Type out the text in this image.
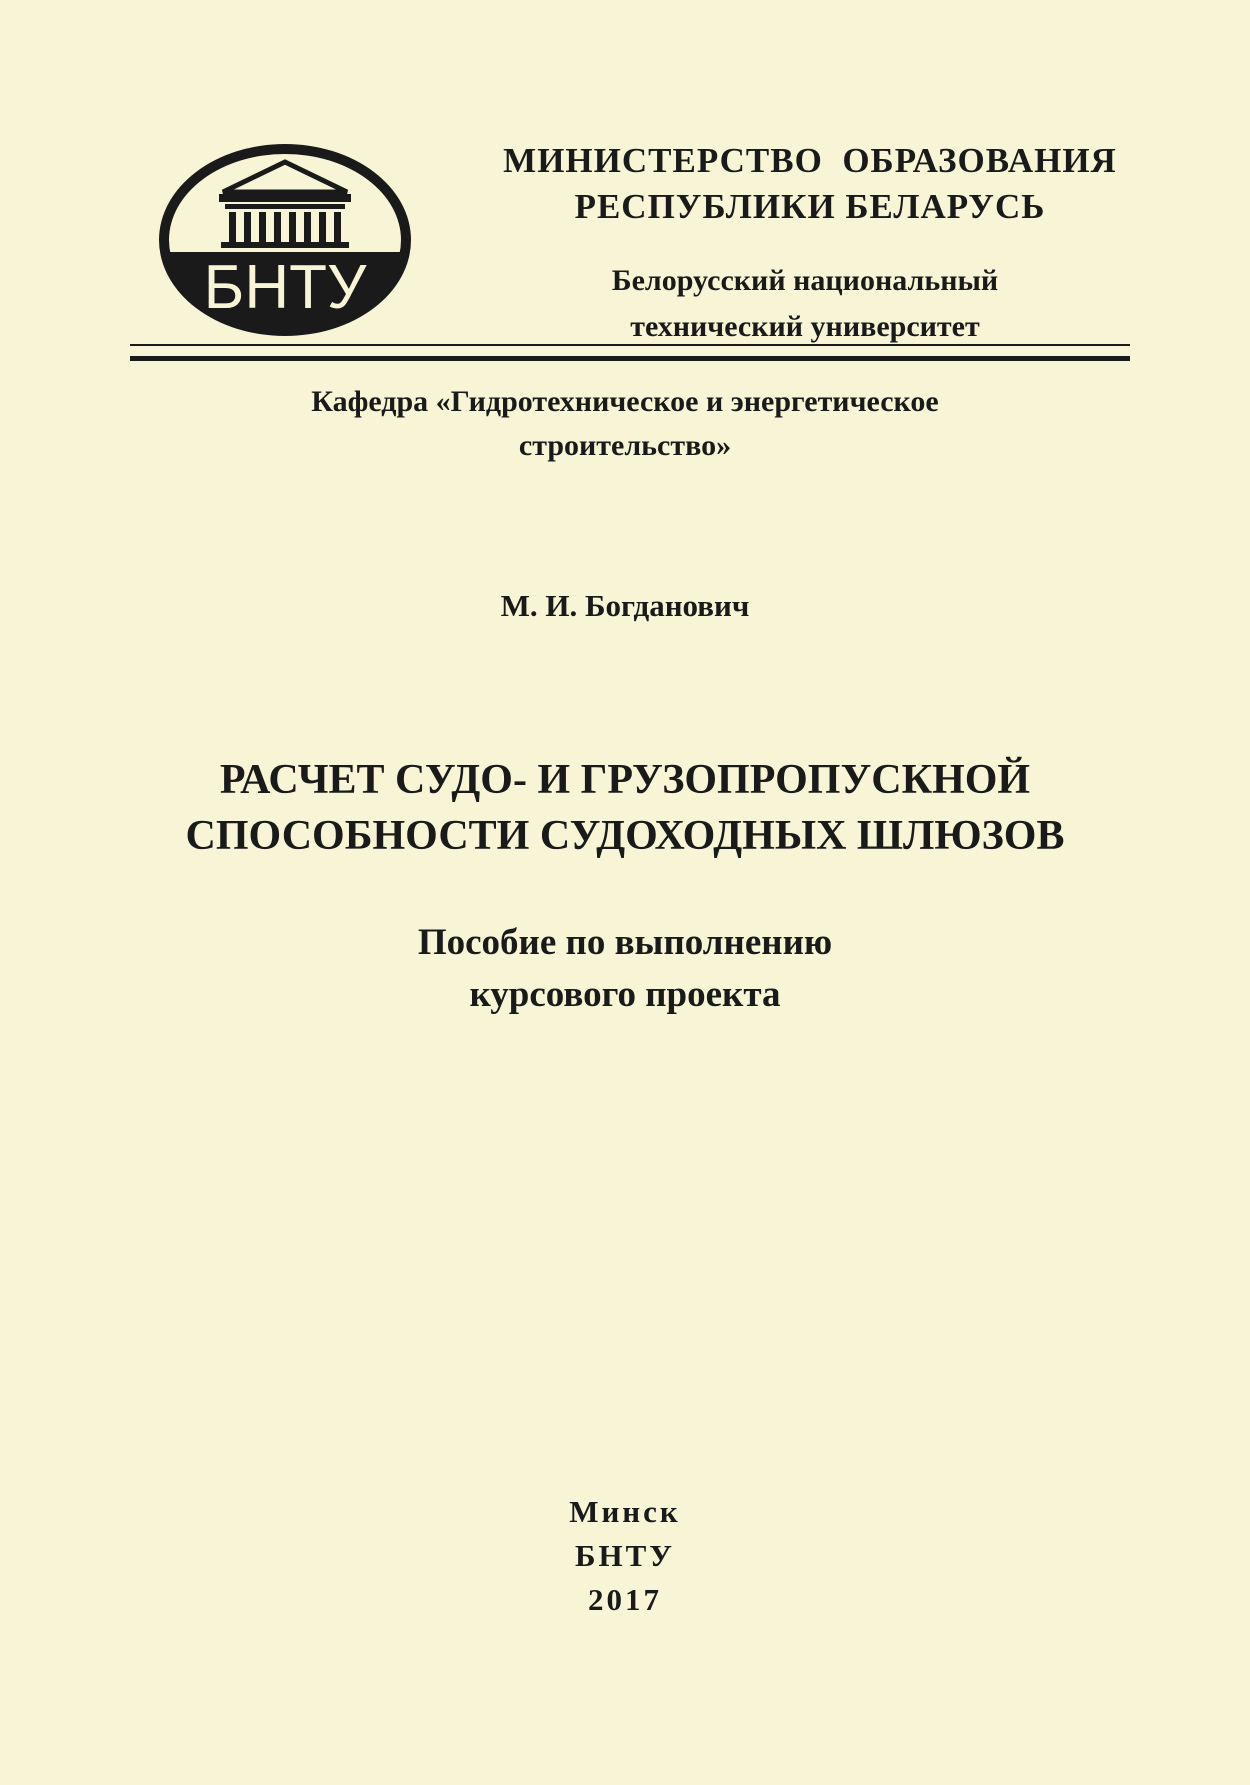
БНТУ
МИНИСТЕРСТВО  ОБРАЗОВАНИЯ
РЕСПУБЛИКИ БЕЛАРУСЬ
Белорусский национальный
технический университет
Кафедра «Гидротехническое и энергетическое
строительство»
М. И. Богданович
РАСЧЕТ СУДО- И ГРУЗОПРОПУСКНОЙ
СПОСОБНОСТИ СУДОХОДНЫХ ШЛЮЗОВ
Пособие по выполнению
курсового проекта
Минск
БНТУ
2017
